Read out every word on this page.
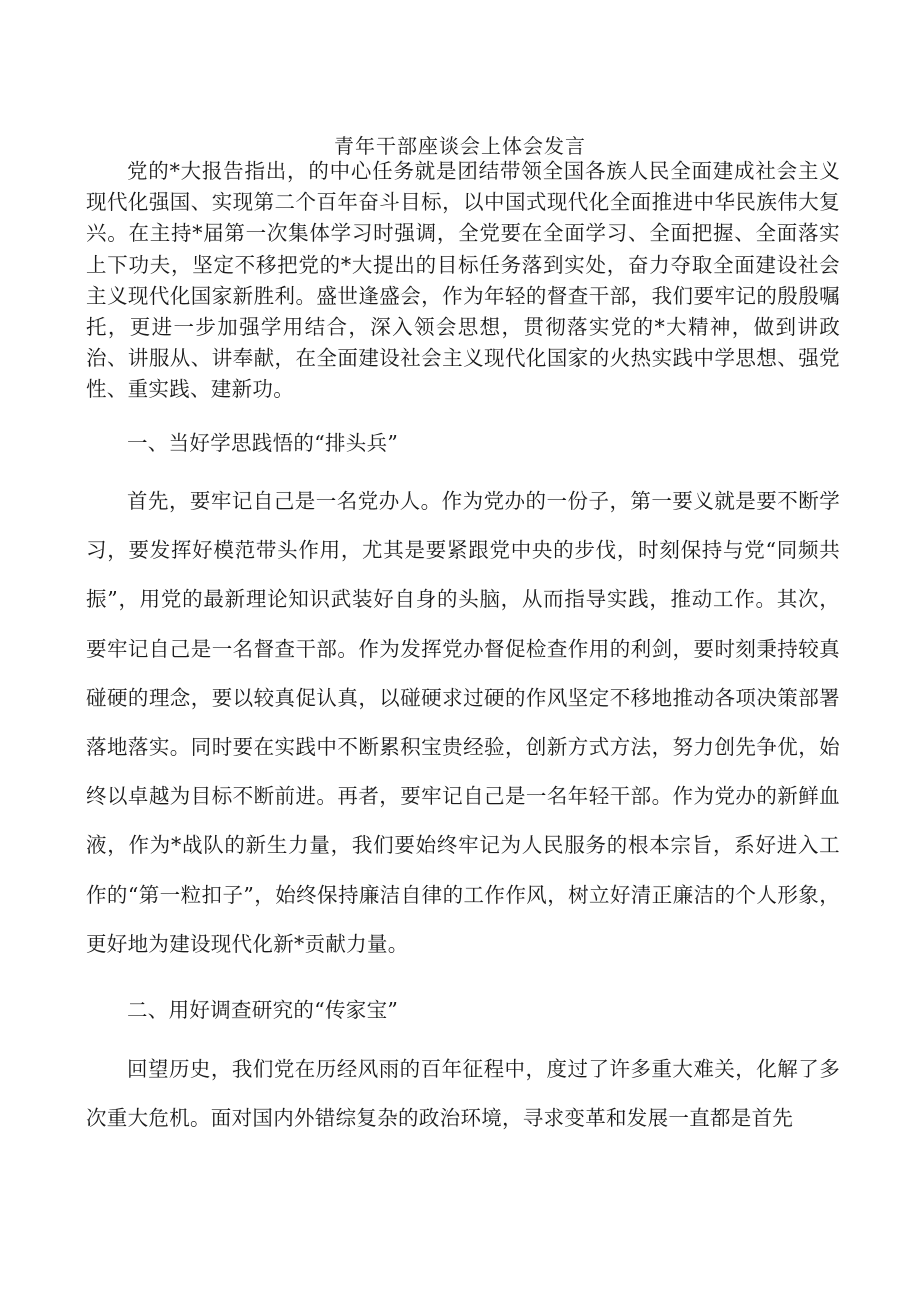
青年干部座谈会上体会发言

党的*大报告指出，的中心任务就是团结带领全国各族人民全面建成社会主义现代化强国、实现第二个百年奋斗目标，以中国式现代化全面推进中华民族伟大复兴。在主持*届第一次集体学习时强调，全党要在全面学习、全面把握、全面落实上下功夫，坚定不移把党的*大提出的目标任务落到实处，奋力夺取全面建设社会主义现代化国家新胜利。盛世逢盛会，作为年轻的督查干部，我们要牢记的殷殷嘱托，更进一步加强学用结合，深入领会思想，贯彻落实党的*大精神，做到讲政治、讲服从、讲奉献，在全面建设社会主义现代化国家的火热实践中学思想、强党性、重实践、建新功。

一、当好学思践悟的“排头兵”

首先，要牢记自己是一名党办人。作为党办的一份子，第一要义就是要不断学习，要发挥好模范带头作用，尤其是要紧跟党中央的步伐，时刻保持与党“同频共振”，用党的最新理论知识武装好自身的头脑，从而指导实践，推动工作。其次，要牢记自己是一名督查干部。作为发挥党办督促检查作用的利剑，要时刻秉持较真碰硬的理念，要以较真促认真，以碰硬求过硬的作风坚定不移地推动各项决策部署落地落实。同时要在实践中不断累积宝贵经验，创新方式方法，努力创先争优，始终以卓越为目标不断前进。再者，要牢记自己是一名年轻干部。作为党办的新鲜血液，作为*战队的新生力量，我们要始终牢记为人民服务的根本宗旨，系好进入工作的“第一粒扣子”，始终保持廉洁自律的工作作风，树立好清正廉洁的个人形象，更好地为建设现代化新*贡献力量。

二、用好调查研究的“传家宝”

回望历史，我们党在历经风雨的百年征程中，度过了许多重大难关，化解了多次重大危机。面对国内外错综复杂的政治环境，寻求变革和发展一直都是首先
